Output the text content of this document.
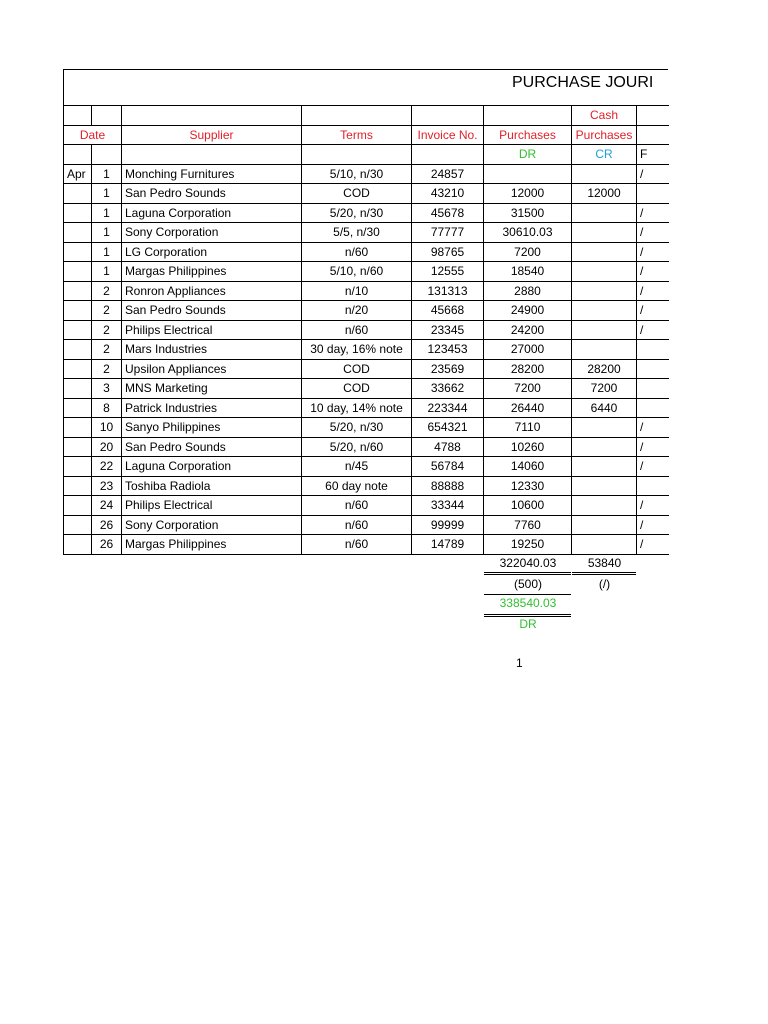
PURCHASE JOURI
						Cash	
Date		Supplier	Terms	Invoice No.	Purchases	Purchases	
					DR	CR	F
Apr	1	Monching Furnitures	5/10, n/30	24857			/
	1	San Pedro Sounds	COD	43210	12000	12000	
	1	Laguna Corporation	5/20, n/30	45678	31500		/
	1	Sony Corporation	5/5, n/30	77777	30610.03		/
	1	LG Corporation	n/60	98765	7200		/
	1	Margas Philippines	5/10, n/60	12555	18540		/
	2	Ronron Appliances	n/10	131313	2880		/
	2	San Pedro Sounds	n/20	45668	24900		/
	2	Philips Electrical	n/60	23345	24200		/
	2	Mars Industries	30 day, 16% note	123453	27000		
	2	Upsilon Appliances	COD	23569	28200	28200	
	3	MNS Marketing	COD	33662	7200	7200	
	8	Patrick Industries	10 day, 14% note	223344	26440	6440	
	10	Sanyo Philippines	5/20, n/30	654321	7110		/
	20	San Pedro Sounds	5/20, n/60	4788	10260		/
	22	Laguna Corporation	n/45	56784	14060		/
	23	Toshiba Radiola	60 day note	88888	12330		
	24	Philips Electrical	n/60	33344	10600		/
	26	Sony Corporation	n/60	99999	7760		/
	26	Margas Philippines	n/60	14789	19250		/
322040.03	53840
(500)	(/)
338540.03
DR
1
